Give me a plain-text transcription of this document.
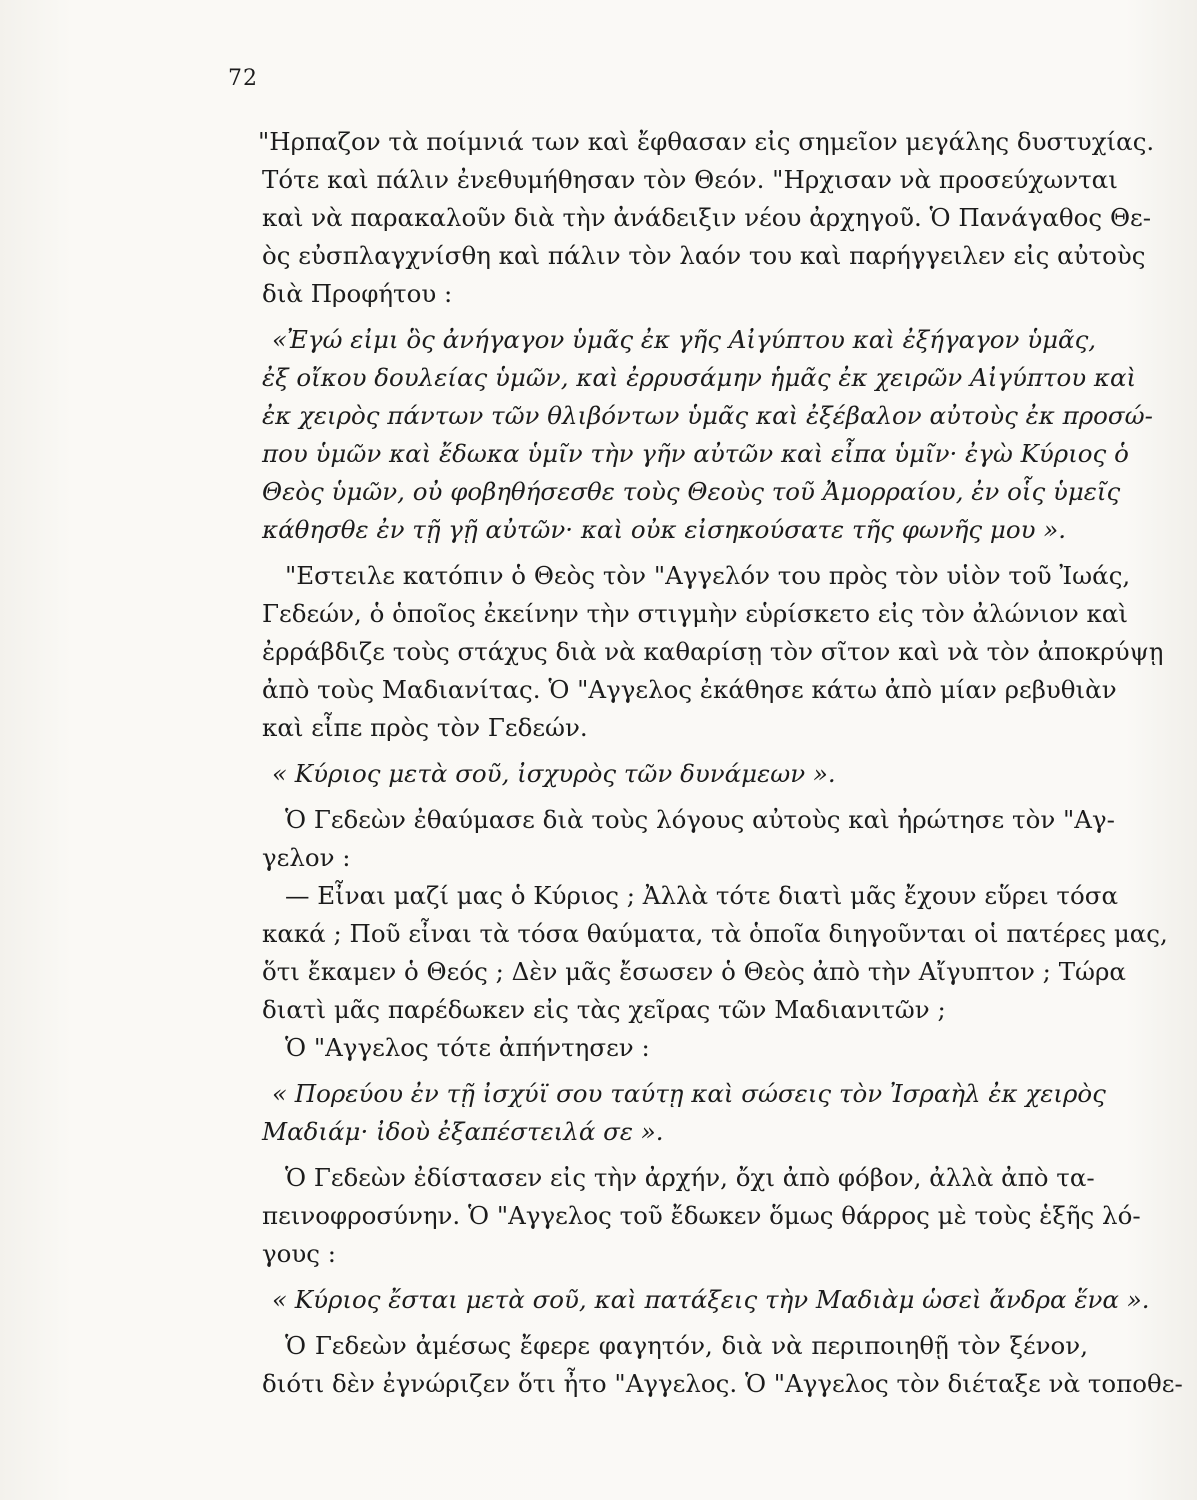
72
"Ηρπαζον τὰ ποίμνιά των καὶ ἔφθασαν εἰς σημεῖον μεγάλης δυστυχίας.
Τότε καὶ πάλιν ἐνεθυμήθησαν τὸν Θεόν. "Ηρχισαν νὰ προσεύχωνται
καὶ νὰ παρακαλοῦν διὰ τὴν ἀνάδειξιν νέου ἀρχηγοῦ. Ὁ Πανάγαθος Θε-
ὸς εὐσπλαγχνίσθη καὶ πάλιν τὸν λαόν του καὶ παρήγγειλεν εἰς αὐτοὺς
διὰ Προφήτου :
«Ἐγώ εἰμι ὃς ἀνήγαγον ὑμᾶς ἐκ γῆς Αἰγύπτου καὶ ἐξήγαγον ὑμᾶς,
ἐξ οἴκου δουλείας ὑμῶν, καὶ ἐρρυσάμην ἡμᾶς ἐκ χειρῶν Αἰγύπτου καὶ
ἐκ χειρὸς πάντων τῶν θλιβόντων ὑμᾶς καὶ ἐξέβαλον αὐτοὺς ἐκ προσώ-
που ὑμῶν καὶ ἔδωκα ὑμῖν τὴν γῆν αὐτῶν καὶ εἶπα ὑμῖν· ἐγὼ Κύριος ὁ
Θεὸς ὑμῶν, οὐ φοβηθήσεσθε τοὺς Θεοὺς τοῦ Ἀμορραίου, ἐν οἷς ὑμεῖς
κάθησθε ἐν τῇ γῇ αὐτῶν· καὶ οὐκ εἰσηκούσατε τῆς φωνῆς μου ».
"Εστειλε κατόπιν ὁ Θεὸς τὸν "Αγγελόν του πρὸς τὸν υἱὸν τοῦ Ἰωάς,
Γεδεών, ὁ ὁποῖος ἐκείνην τὴν στιγμὴν εὑρίσκετο εἰς τὸν ἀλώνιον καὶ
ἐρράβδιζε τοὺς στάχυς διὰ νὰ καθαρίσῃ τὸν σῖτον καὶ νὰ τὸν ἀποκρύψῃ
ἀπὸ τοὺς Μαδιανίτας. Ὁ "Αγγελος ἐκάθησε κάτω ἀπὸ μίαν ρεβυθιὰν
καὶ εἶπε πρὸς τὸν Γεδεών.
« Κύριος μετὰ σοῦ, ἰσχυρὸς τῶν δυνάμεων ».
Ὁ Γεδεὼν ἐθαύμασε διὰ τοὺς λόγους αὐτοὺς καὶ ἠρώτησε τὸν "Αγ-
γελον :
— Εἶναι μαζί μας ὁ Κύριος ; Ἀλλὰ τότε διατὶ μᾶς ἔχουν εὕρει τόσα
κακά ; Ποῦ εἶναι τὰ τόσα θαύματα, τὰ ὁποῖα διηγοῦνται οἱ πατέρες μας,
ὅτι ἔκαμεν ὁ Θεός ; Δὲν μᾶς ἔσωσεν ὁ Θεὸς ἀπὸ τὴν Αἴγυπτον ; Τώρα
διατὶ μᾶς παρέδωκεν εἰς τὰς χεῖρας τῶν Μαδιανιτῶν ;
Ὁ "Αγγελος τότε ἀπήντησεν :
« Πορεύου ἐν τῇ ἰσχύϊ σου ταύτῃ καὶ σώσεις τὸν Ἰσραὴλ ἐκ χειρὸς
Μαδιάμ· ἰδοὺ ἐξαπέστειλά σε ».
Ὁ Γεδεὼν ἐδίστασεν εἰς τὴν ἀρχήν, ὄχι ἀπὸ φόβον, ἀλλὰ ἀπὸ τα-
πεινοφροσύνην. Ὁ "Αγγελος τοῦ ἔδωκεν ὅμως θάρρος μὲ τοὺς ἑξῆς λό-
γους :
« Κύριος ἔσται μετὰ σοῦ, καὶ πατάξεις τὴν Μαδιὰμ ὡσεὶ ἄνδρα ἕνα ».
Ὁ Γεδεὼν ἀμέσως ἔφερε φαγητόν, διὰ νὰ περιποιηθῇ τὸν ξένον,
διότι δὲν ἐγνώριζεν ὅτι ἦτο "Αγγελος. Ὁ "Αγγελος τὸν διέταξε νὰ τοποθε-
